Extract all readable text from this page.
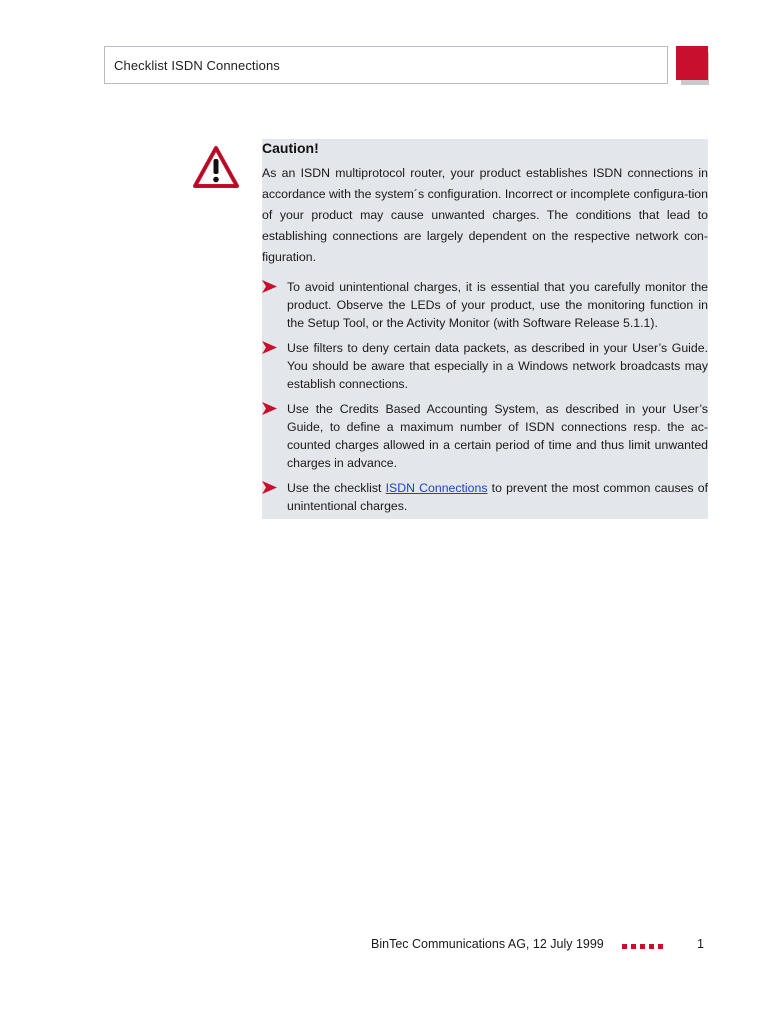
Checklist ISDN Connections
Caution!
As an ISDN multiprotocol router, your product establishes ISDN connections in accordance with the system´s configuration. Incorrect or incomplete configura-tion of your product may cause unwanted charges. The conditions that lead to establishing connections are largely dependent on the respective network con-figuration.
To avoid unintentional charges, it is essential that you carefully monitor the product. Observe the LEDs of your product, use the monitoring function in the Setup Tool, or the Activity Monitor (with Software Release 5.1.1).
Use filters to deny certain data packets, as described in your User’s Guide. You should be aware that especially in a Windows network broadcasts may establish connections.
Use the Credits Based Accounting System, as described in your User’s Guide, to define a maximum number of ISDN connections resp. the ac-counted charges allowed in a certain period of time and thus limit unwanted charges in advance.
Use the checklist ISDN Connections to prevent the most common causes of unintentional charges.
BinTec Communications AG, 12 July 1999	1
